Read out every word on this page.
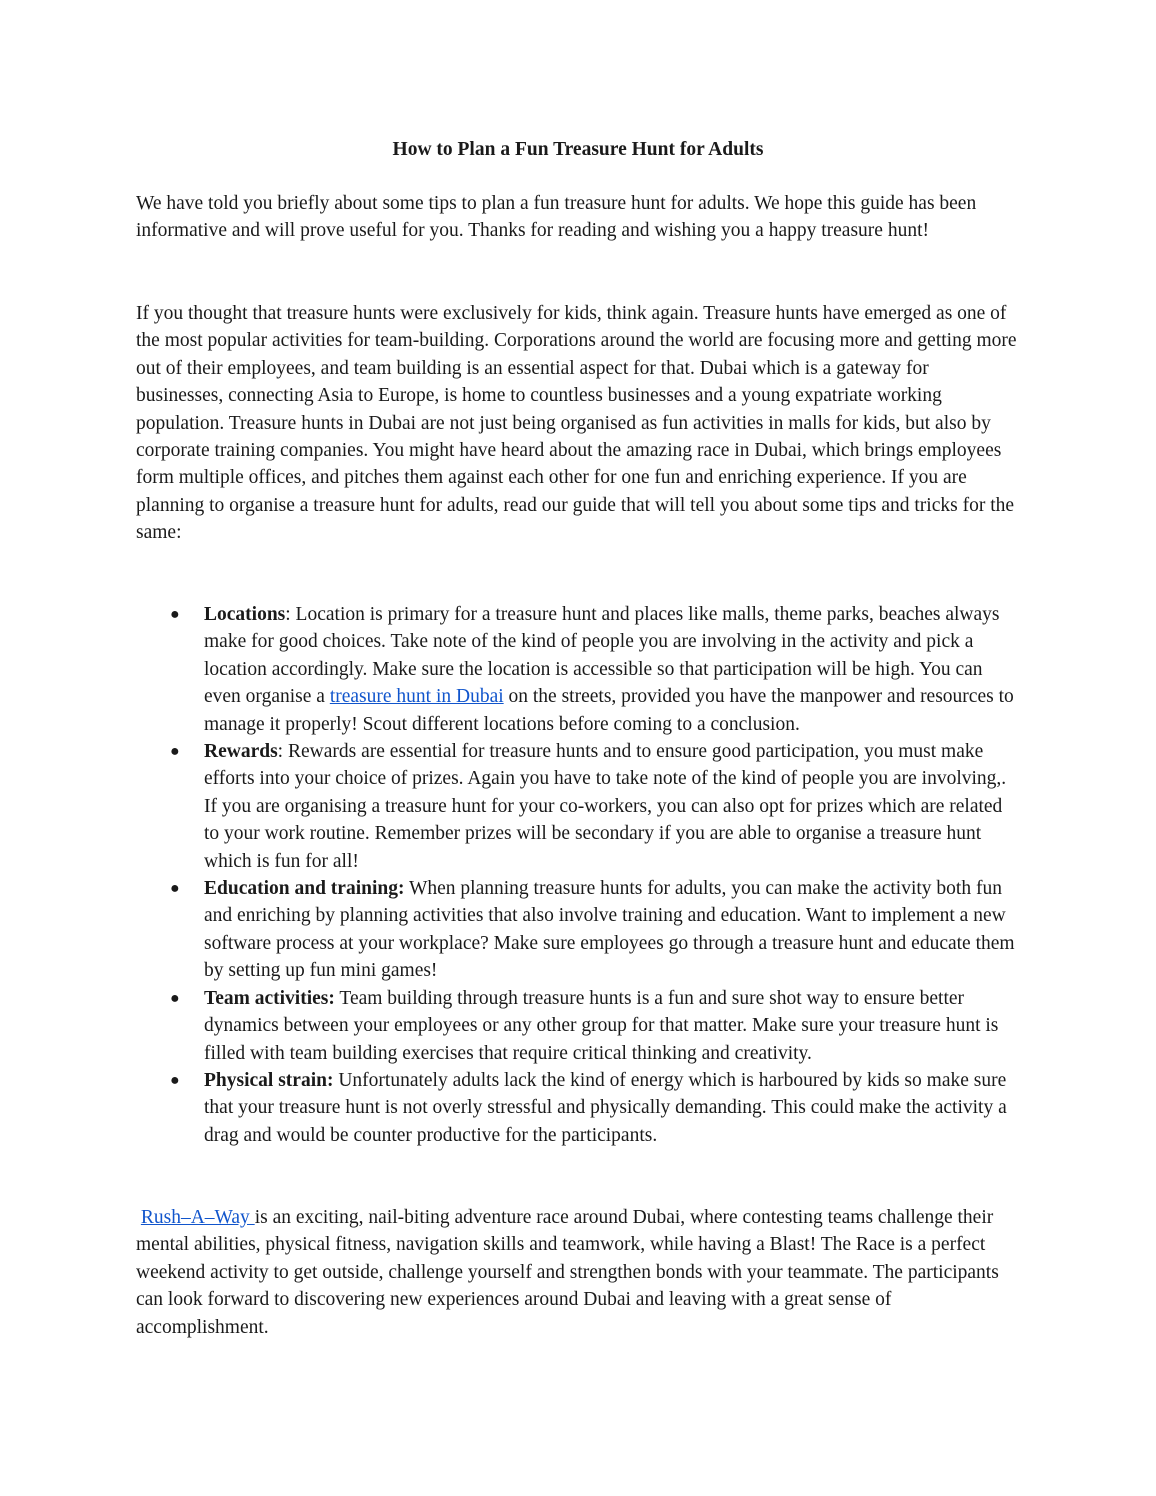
How to Plan a Fun Treasure Hunt for Adults

We have told you briefly about some tips to plan a fun treasure hunt for adults. We hope this guide has been informative and will prove useful for you. Thanks for reading and wishing you a happy treasure hunt!

If you thought that treasure hunts were exclusively for kids, think again. Treasure hunts have emerged as one of the most popular activities for team-building. Corporations around the world are focusing more and getting more out of their employees, and team building is an essential aspect for that. Dubai which is a gateway for businesses, connecting Asia to Europe, is home to countless businesses and a young expatriate working population. Treasure hunts in Dubai are not just being organised as fun activities in malls for kids, but also by corporate training companies. You might have heard about the amazing race in Dubai, which brings employees form multiple offices, and pitches them against each other for one fun and enriching experience. If you are planning to organise a treasure hunt for adults, read our guide that will tell you about some tips and tricks for the same:

● Locations: Location is primary for a treasure hunt and places like malls, theme parks, beaches always make for good choices. Take note of the kind of people you are involving in the activity and pick a location accordingly. Make sure the location is accessible so that participation will be high. You can even organise a treasure hunt in Dubai on the streets, provided you have the manpower and resources to manage it properly! Scout different locations before coming to a conclusion.
● Rewards: Rewards are essential for treasure hunts and to ensure good participation, you must make efforts into your choice of prizes. Again you have to take note of the kind of people you are involving,. If you are organising a treasure hunt for your co-workers, you can also opt for prizes which are related to your work routine. Remember prizes will be secondary if you are able to organise a treasure hunt which is fun for all!
● Education and training: When planning treasure hunts for adults, you can make the activity both fun and enriching by planning activities that also involve training and education. Want to implement a new software process at your workplace? Make sure employees go through a treasure hunt and educate them by setting up fun mini games!
● Team activities: Team building through treasure hunts is a fun and sure shot way to ensure better dynamics between your employees or any other group for that matter. Make sure your treasure hunt is filled with team building exercises that require critical thinking and creativity.
● Physical strain: Unfortunately adults lack the kind of energy which is harboured by kids so make sure that your treasure hunt is not overly stressful and physically demanding. This could make the activity a drag and would be counter productive for the participants.

Rush–A–Way is an exciting, nail-biting adventure race around Dubai, where contesting teams challenge their mental abilities, physical fitness, navigation skills and teamwork, while having a Blast! The Race is a perfect weekend activity to get outside, challenge yourself and strengthen bonds with your teammate. The participants can look forward to discovering new experiences around Dubai and leaving with a great sense of accomplishment.
